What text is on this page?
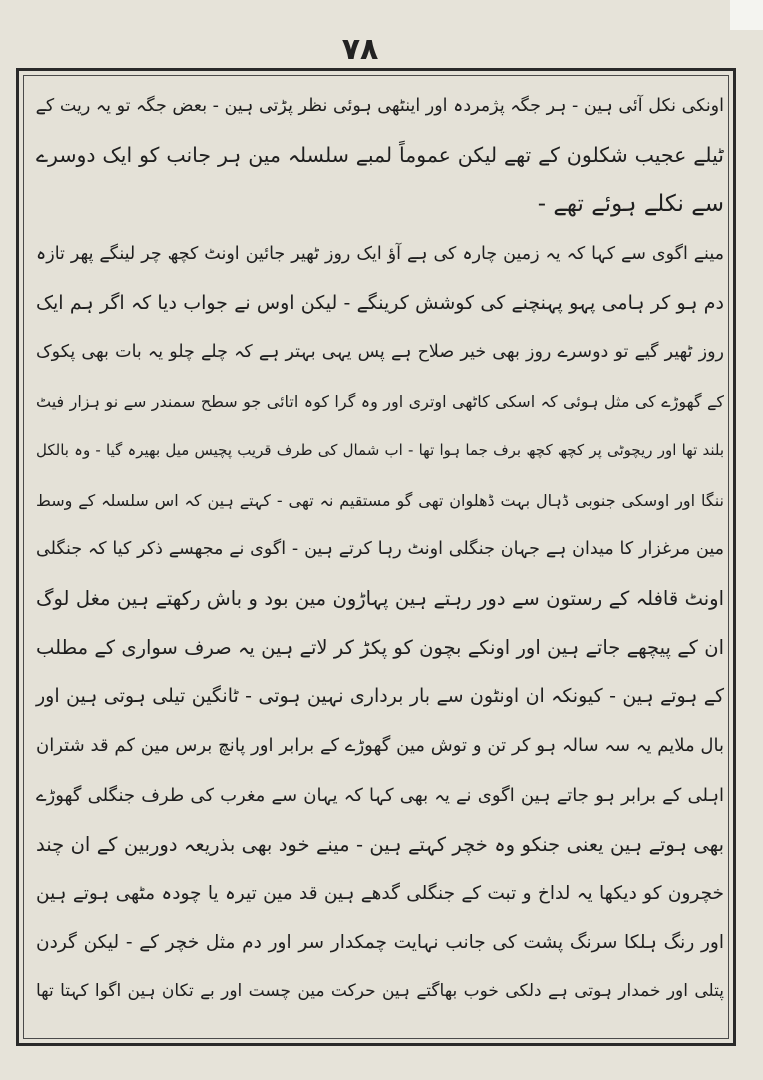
۷۸
اونکی نکل آئی ہین - ہر جگہ پژمردہ اور اینٹھی ہوئی نظر پڑتی ہین - بعض جگہ تو یہ ریت کے
ٹیلے عجیب شکلون کے تھے لیکن عموماً لمبے سلسلہ مین ہر جانب کو ایک دوسرے
سے نکلے ہوئے تھے -
مینے اگوی سے کہا کہ یہ زمین چارہ کی ہے آؤ ایک روز ٹھیر جائین اونٹ کچھ چر لینگے پھر تازہ
دم ہو کر ہامی پہو پہنچنے کی کوشش کرینگے - لیکن اوس نے جواب دیا کہ اگر ہم ایک
روز ٹھیر گیے تو دوسرے روز بھی خیر صلاح ہے پس یہی بہتر ہے کہ چلے چلو یہ بات بھی پکوک
کے گھوڑے کی مثل ہوئی کہ اسکی کاٹھی اوتری اور وہ گرا کوہ اتائی جو سطح سمندر سے نو ہزار فیٹ
بلند تھا اور ریچوٹی پر کچھ کچھ برف جما ہوا تھا - اب شمال کی طرف قریب پچیس میل بھیرہ گیا - وہ بالکل
ننگا اور اوسکی جنوبی ڈہال بہت ڈھلوان تھی گو مستقیم نہ تھی - کہتے ہین کہ اس سلسلہ کے وسط
مین مرغزار کا میدان ہے جہان جنگلی اونٹ رہا کرتے ہین - اگوی نے مجھسے ذکر کیا کہ جنگلی
اونٹ قافلہ کے رستون سے دور رہتے ہین پہاڑون مین بود و باش رکھتے ہین مغل لوگ
ان کے پیچھے جاتے ہین اور اونکے بچون کو پکڑ کر لاتے ہین یہ صرف سواری کے مطلب
کے ہوتے ہین - کیونکہ ان اونٹون سے بار برداری نہین ہوتی - ٹانگین تیلی ہوتی ہین اور
بال ملایم یہ سہ سالہ ہو کر تن و توش مین گھوڑے کے برابر اور پانچ برس مین کم قد شتران
اہلی کے برابر ہو جاتے ہین اگوی نے یہ بھی کہا کہ یہان سے مغرب کی طرف جنگلی گھوڑے
بھی ہوتے ہین یعنی جنکو وہ خچر کہتے ہین - مینے خود بھی بذریعہ دوربین کے ان چند
خچرون کو دیکھا یہ لداخ و تبت کے جنگلی گدھے ہین قد مین تیرہ یا چودہ مٹھی ہوتے ہین
اور رنگ ہلکا سرنگ پشت کی جانب نہایت چمکدار سر اور دم مثل خچر کے - لیکن گردن
پتلی اور خمدار ہوتی ہے دلکی خوب بھاگتے ہین حرکت مین چست اور بے تکان ہین اگوا کہتا تھا
